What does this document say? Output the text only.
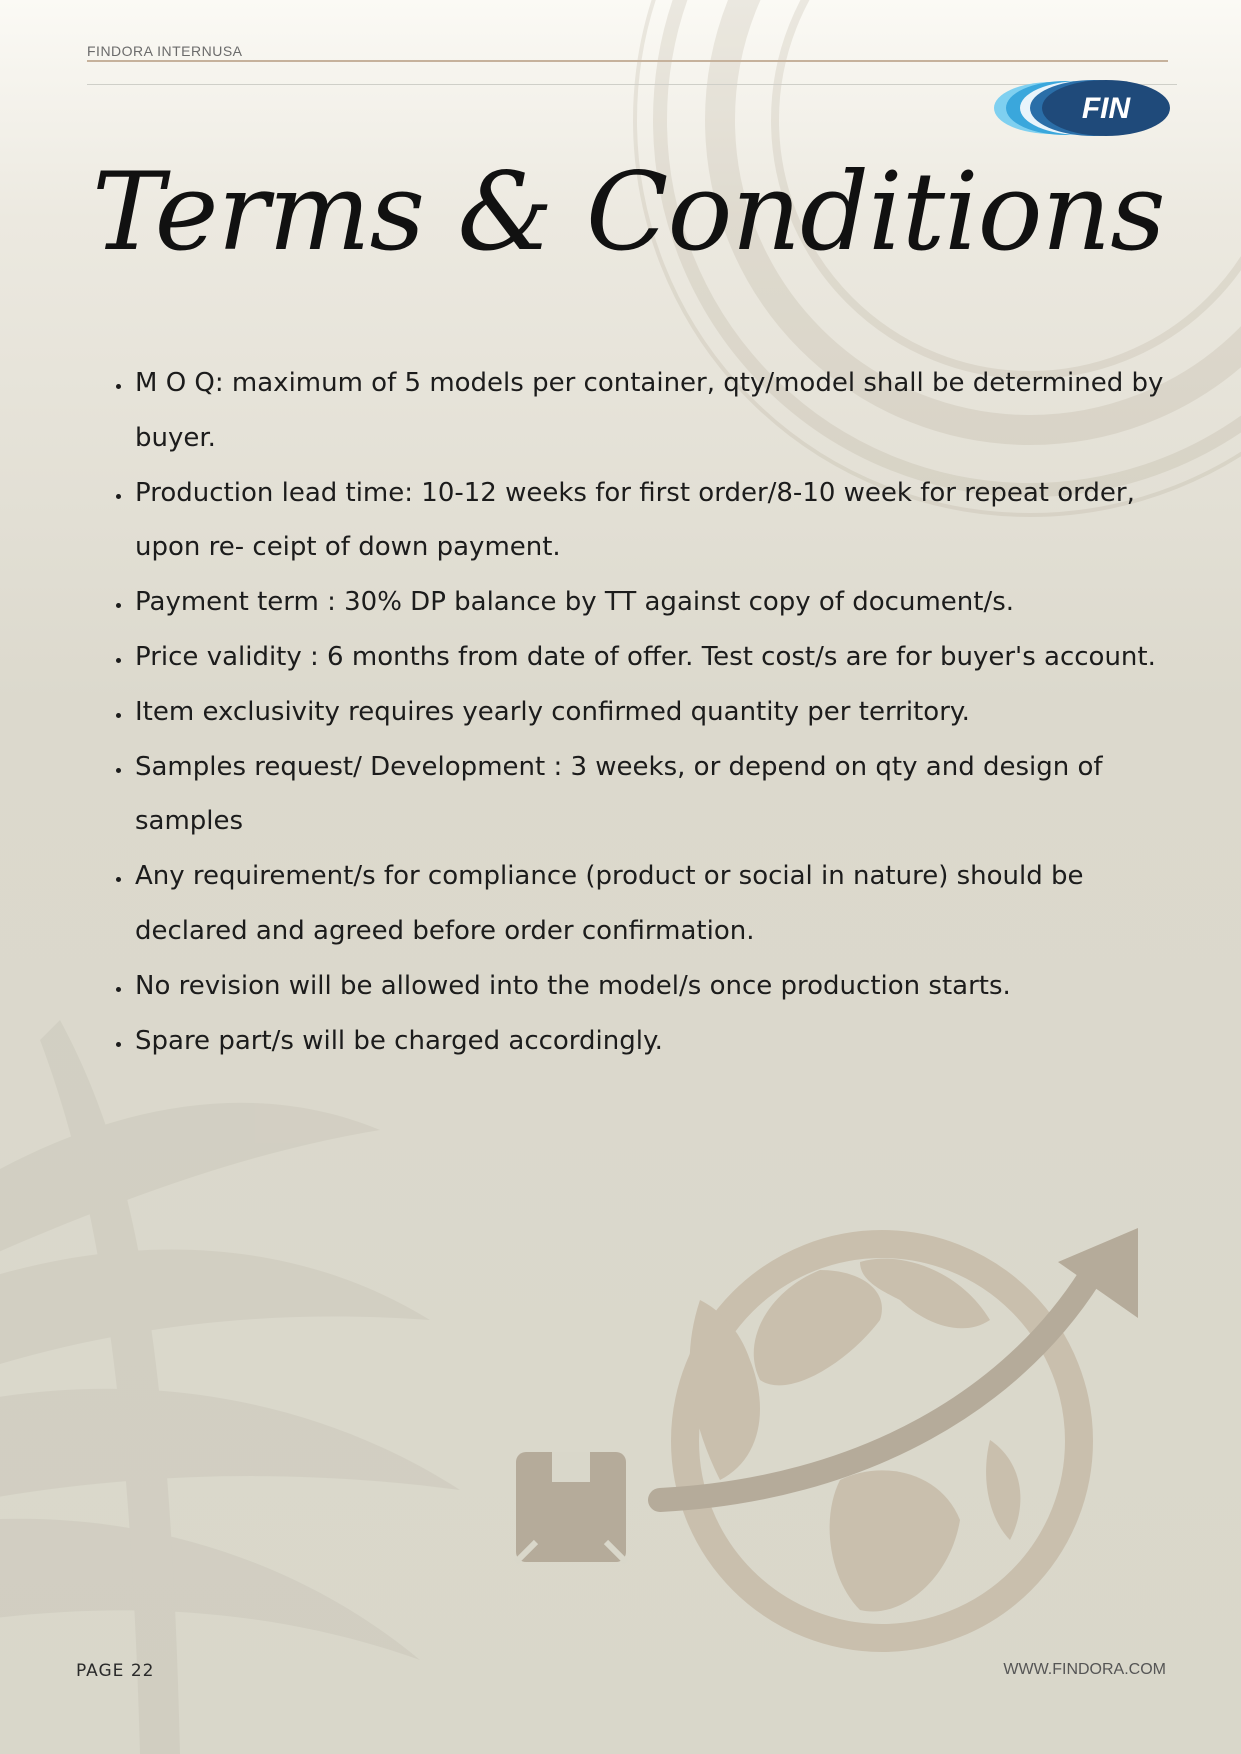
FINDORA INTERNUSA
FIN
Terms & Conditions
• M O Q: maximum of 5 models per container, qty/model shall be determined by buyer.
• Production lead time: 10-12 weeks for first order/8-10 week for repeat order, upon re- ceipt of down payment.
• Payment term : 30% DP balance by TT against copy of document/s.
• Price validity : 6 months from date of offer. Test cost/s are for buyer's account.
• Item exclusivity requires yearly confirmed quantity per territory.
• Samples request/ Development : 3 weeks, or depend on qty and design of samples
• Any requirement/s for compliance (product or social in nature) should be declared and agreed before order confirmation.
• No revision will be allowed into the model/s once production starts.
• Spare part/s will be charged accordingly.
PAGE 22	WWW.FINDORA.COM
